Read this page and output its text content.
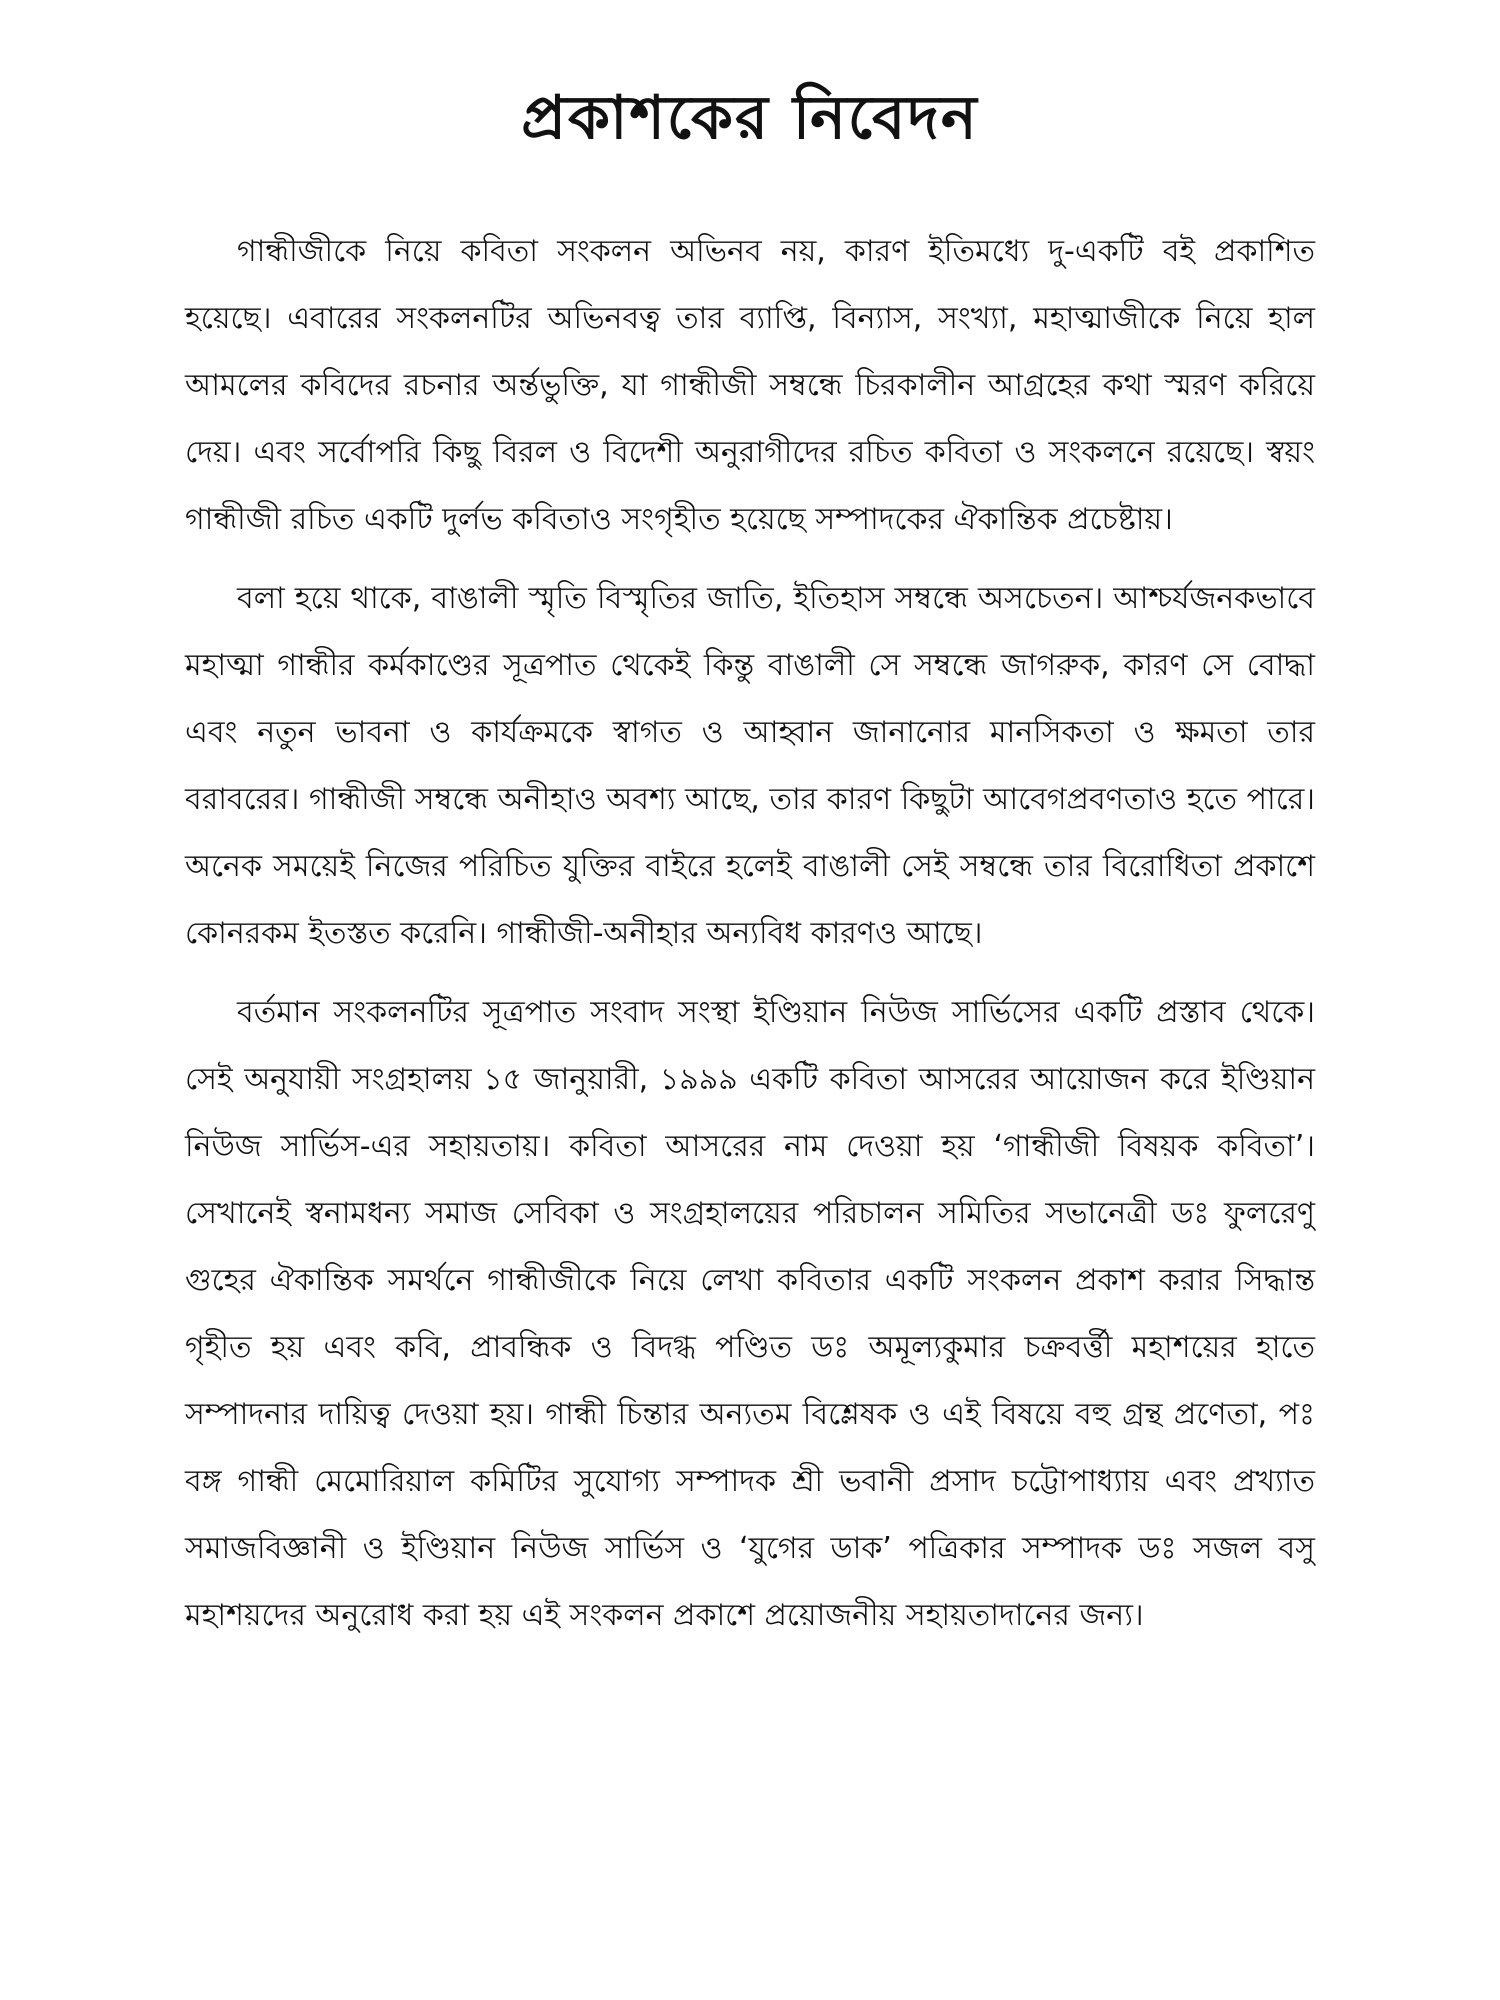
প্রকাশকের নিবেদন

গান্ধীজীকে নিয়ে কবিতা সংকলন অভিনব নয়, কারণ ইতিমধ্যে দু-একটি বই প্রকাশিত হয়েছে। এবারের সংকলনটির অভিনবত্ব তার ব্যাপ্তি, বিন্যাস, সংখ্যা, মহাত্মাজীকে নিয়ে হাল আমলের কবিদের রচনার অর্ন্তভুক্তি, যা গান্ধীজী সম্বন্ধে চিরকালীন আগ্রহের কথা স্মরণ করিয়ে দেয়। এবং সর্বোপরি কিছু বিরল ও বিদেশী অনুরাগীদের রচিত কবিতা ও সংকলনে রয়েছে। স্বয়ং গান্ধীজী রচিত একটি দুর্লভ কবিতাও সংগৃহীত হয়েছে সম্পাদকের ঐকান্তিক প্রচেষ্টায়।

বলা হয়ে থাকে, বাঙালী স্মৃতি বিস্মৃতির জাতি, ইতিহাস সম্বন্ধে অসচেতন। আশ্চর্যজনকভাবে মহাত্মা গান্ধীর কর্মকাণ্ডের সূত্রপাত থেকেই কিন্তু বাঙালী সে সম্বন্ধে জাগরুক, কারণ সে বোদ্ধা এবং নতুন ভাবনা ও কার্যক্রমকে স্বাগত ও আহ্বান জানানোর মানসিকতা ও ক্ষমতা তার বরাবরের। গান্ধীজী সম্বন্ধে অনীহাও অবশ্য আছে, তার কারণ কিছুটা আবেগপ্রবণতাও হতে পারে। অনেক সময়েই নিজের পরিচিত যুক্তির বাইরে হলেই বাঙালী সেই সম্বন্ধে তার বিরোধিতা প্রকাশে কোনরকম ইতস্তত করেনি। গান্ধীজী-অনীহার অন্যবিধ কারণও আছে।

বর্তমান সংকলনটির সূত্রপাত সংবাদ সংস্থা ইণ্ডিয়ান নিউজ সার্ভিসের একটি প্রস্তাব থেকে। সেই অনুযায়ী সংগ্রহালয় ১৫ জানুয়ারী, ১৯৯৯ একটি কবিতা আসরের আয়োজন করে ইণ্ডিয়ান নিউজ সার্ভিস-এর সহায়তায়। কবিতা আসরের নাম দেওয়া হয় ‘গান্ধীজী বিষয়ক কবিতা’। সেখানেই স্বনামধন্য সমাজ সেবিকা ও সংগ্রহালয়ের পরিচালন সমিতির সভানেত্রী ডঃ ফুলরেণু গুহের ঐকান্তিক সমর্থনে গান্ধীজীকে নিয়ে লেখা কবিতার একটি সংকলন প্রকাশ করার সিদ্ধান্ত গৃহীত হয় এবং কবি, প্রাবন্ধিক ও বিদগ্ধ পণ্ডিত ডঃ অমূল্যকুমার চক্রবর্ত্তী মহাশয়ের হাতে সম্পাদনার দায়িত্ব দেওয়া হয়। গান্ধী চিন্তার অন্যতম বিশ্লেষক ও এই বিষয়ে বহু গ্রন্থ প্রণেতা, পঃ বঙ্গ গান্ধী মেমোরিয়াল কমিটির সুযোগ্য সম্পাদক শ্রী ভবানী প্রসাদ চট্টোপাধ্যায় এবং প্রখ্যাত সমাজবিজ্ঞানী ও ইণ্ডিয়ান নিউজ সার্ভিস ও ‘যুগের ডাক’ পত্রিকার সম্পাদক ডঃ সজল বসু মহাশয়দের অনুরোধ করা হয় এই সংকলন প্রকাশে প্রয়োজনীয় সহায়তাদানের জন্য।
